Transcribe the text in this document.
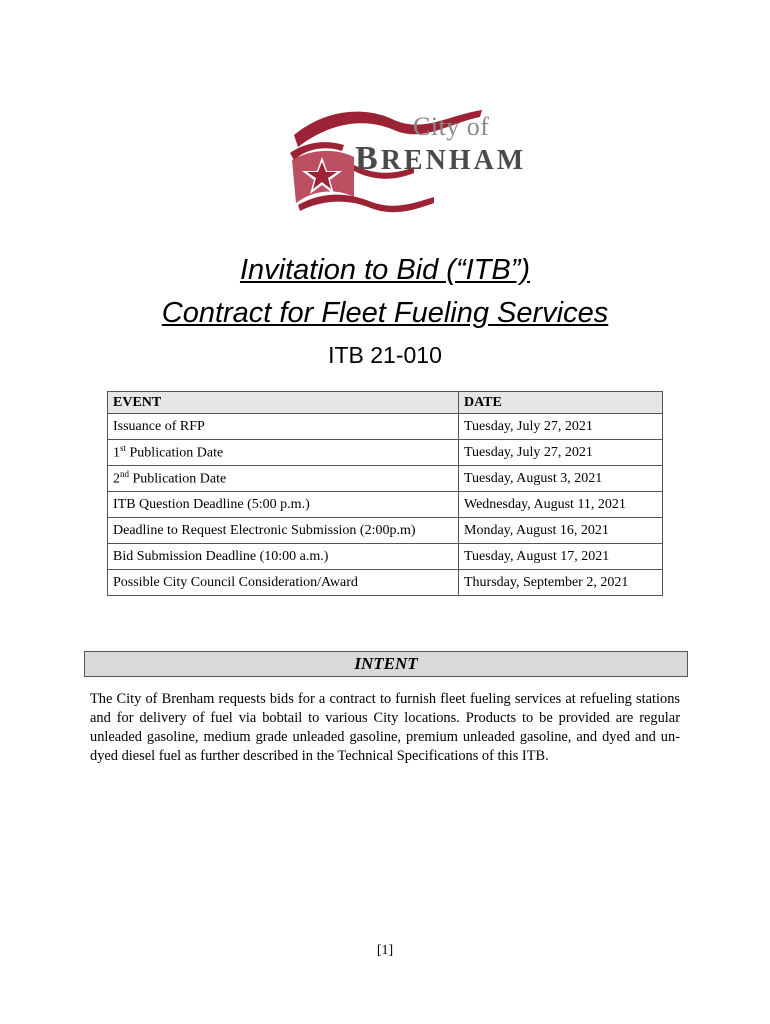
City of
BRENHAM
Invitation to Bid (“ITB”)
Contract for Fleet Fueling Services
ITB 21-010
EVENT	DATE
Issuance of RFP	Tuesday, July 27, 2021
1st Publication Date	Tuesday, July 27, 2021
2nd Publication Date	Tuesday, August 3, 2021
ITB Question Deadline (5:00 p.m.)	Wednesday, August 11, 2021
Deadline to Request Electronic Submission (2:00p.m)	Monday, August 16, 2021
Bid Submission Deadline (10:00 a.m.)	Tuesday, August 17, 2021
Possible City Council Consideration/Award	Thursday, September 2, 2021
INTENT
The City of Brenham requests bids for a contract to furnish fleet fueling services at refueling stations and for delivery of fuel via bobtail to various City locations. Products to be provided are regular unleaded gasoline, medium grade unleaded gasoline, premium unleaded gasoline, and dyed and un-dyed diesel fuel as further described in the Technical Specifications of this ITB.
[1]
